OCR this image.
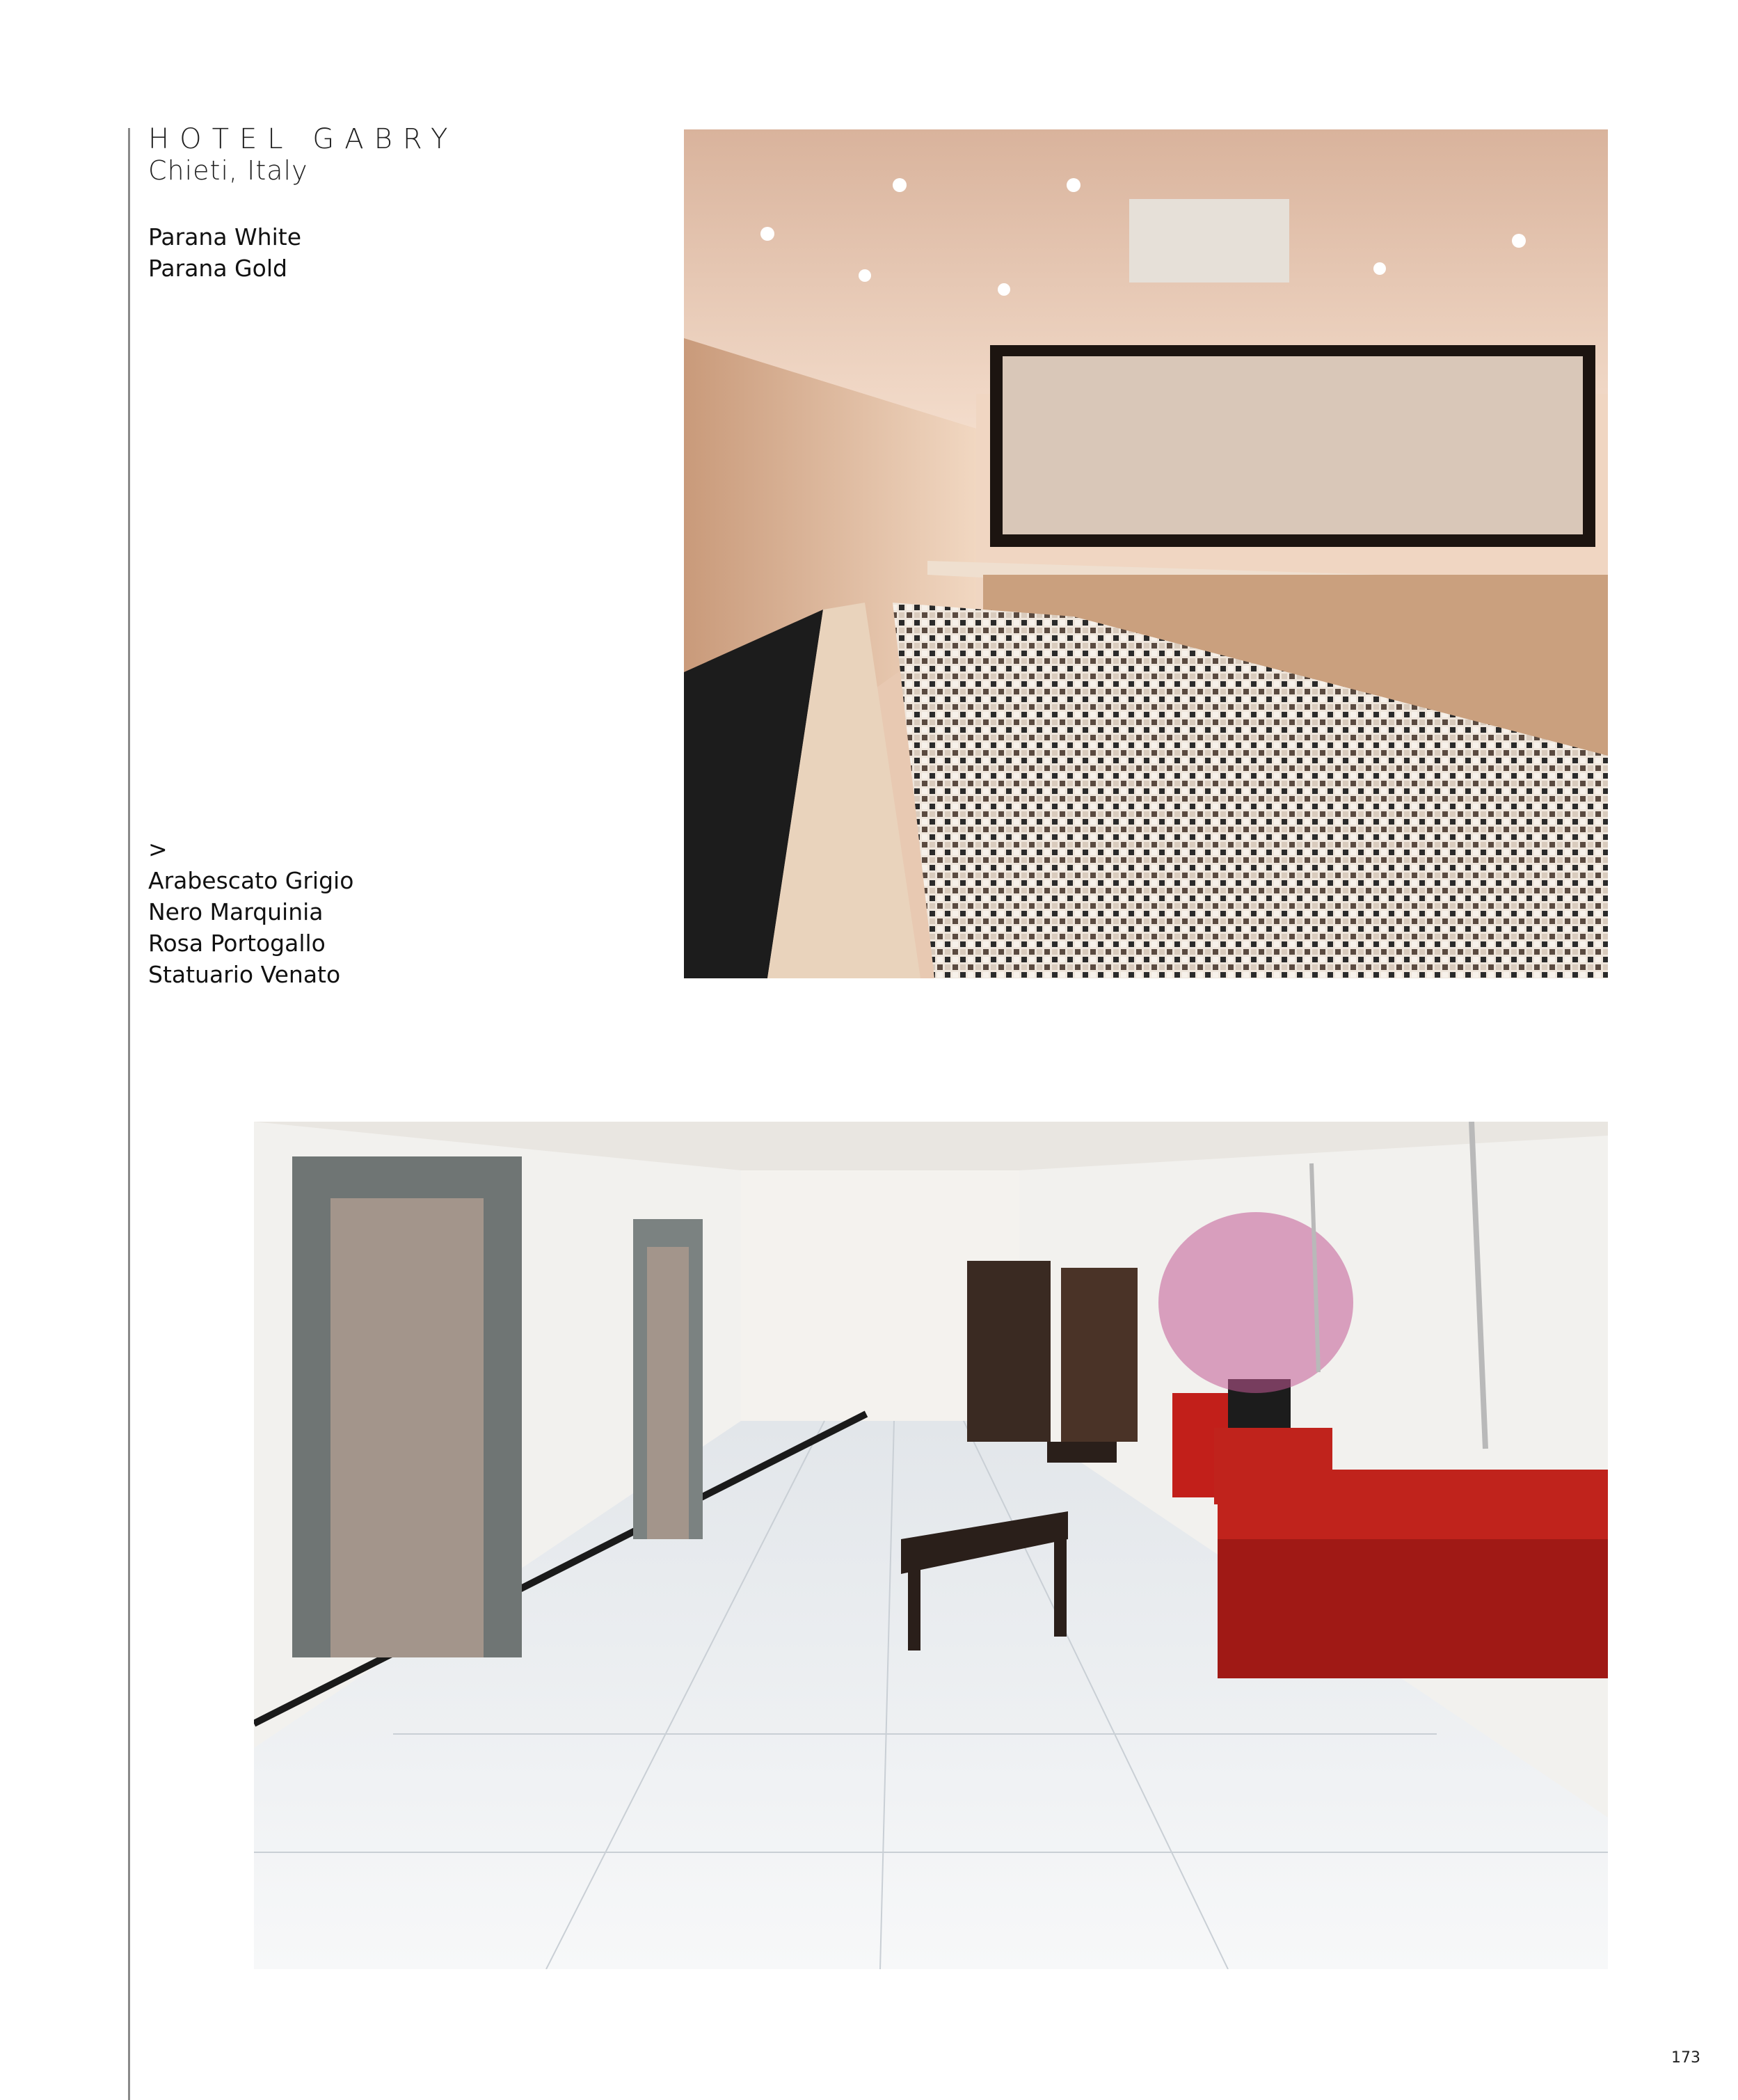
HOTEL GABRY
Chieti, Italy
Parana White
Parana Gold
>
Arabescato Grigio
Nero Marquinia
Rosa Portogallo
Statuario Venato
173
